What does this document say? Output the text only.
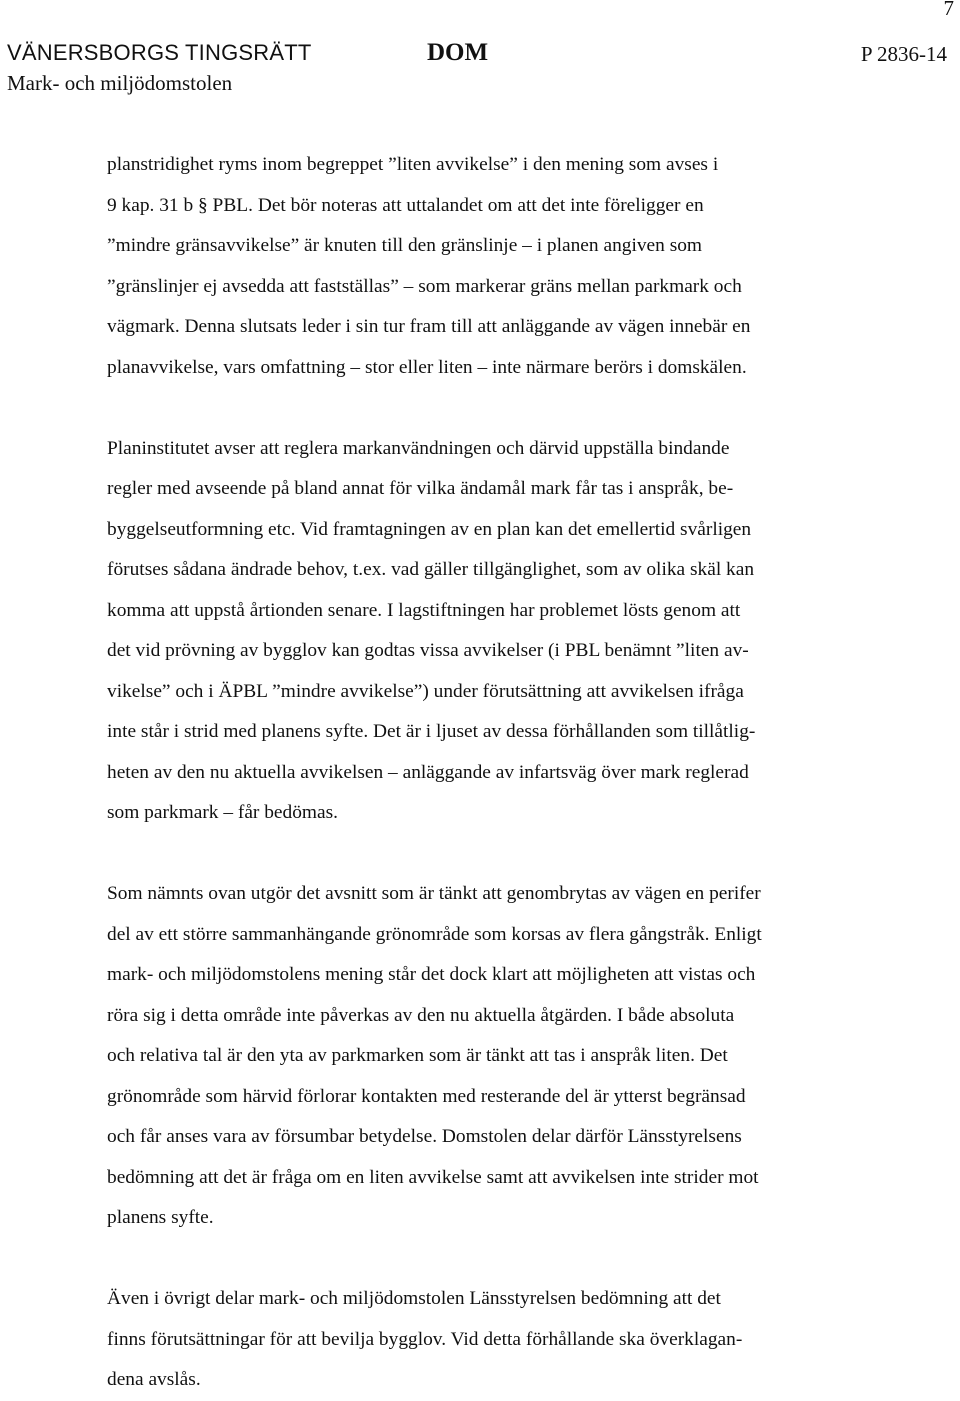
7
VÄNERSBORGS TINGSRÄTT
Mark- och miljödomstolen
DOM	P 2836-14

planstridighet ryms inom begreppet ”liten avvikelse” i den mening som avses i
9 kap. 31 b § PBL. Det bör noteras att uttalandet om att det inte föreligger en
”mindre gränsavvikelse” är knuten till den gränslinje – i planen angiven som
”gränslinjer ej avsedda att fastställas” – som markerar gräns mellan parkmark och
vägmark. Denna slutsats leder i sin tur fram till att anläggande av vägen innebär en
planavvikelse, vars omfattning – stor eller liten – inte närmare berörs i domskälen.

Planinstitutet avser att reglera markanvändningen och därvid uppställa bindande
regler med avseende på bland annat för vilka ändamål mark får tas i anspråk, be-
byggelseutformning etc. Vid framtagningen av en plan kan det emellertid svårligen
förutses sådana ändrade behov, t.ex. vad gäller tillgänglighet, som av olika skäl kan
komma att uppstå årtionden senare. I lagstiftningen har problemet lösts genom att
det vid prövning av bygglov kan godtas vissa avvikelser (i PBL benämnt ”liten av-
vikelse” och i ÄPBL ”mindre avvikelse”) under förutsättning att avvikelsen ifråga
inte står i strid med planens syfte. Det är i ljuset av dessa förhållanden som tillåtlig-
heten av den nu aktuella avvikelsen – anläggande av infartsväg över mark reglerad
som parkmark – får bedömas.

Som nämnts ovan utgör det avsnitt som är tänkt att genombrytas av vägen en perifer
del av ett större sammanhängande grönområde som korsas av flera gångstråk. Enligt
mark- och miljödomstolens mening står det dock klart att möjligheten att vistas och
röra sig i detta område inte påverkas av den nu aktuella åtgärden. I både absoluta
och relativa tal är den yta av parkmarken som är tänkt att tas i anspråk liten. Det
grönområde som härvid förlorar kontakten med resterande del är ytterst begränsad
och får anses vara av försumbar betydelse. Domstolen delar därför Länsstyrelsens
bedömning att det är fråga om en liten avvikelse samt att avvikelsen inte strider mot
planens syfte.

Även i övrigt delar mark- och miljödomstolen Länsstyrelsen bedömning att det
finns förutsättningar för att bevilja bygglov. Vid detta förhållande ska överklagan-
dena avslås.
